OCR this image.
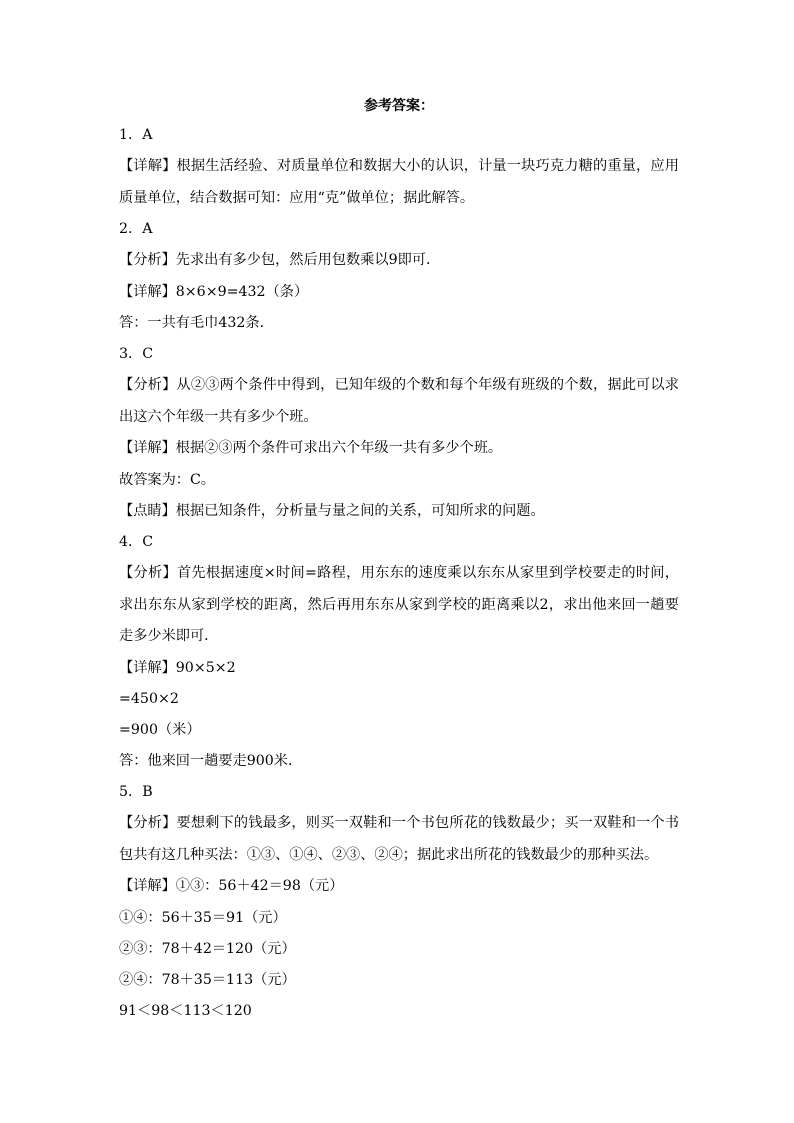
参考答案：
1．A
【详解】根据生活经验、对质量单位和数据大小的认识，计量一块巧克力糖的重量，应用质量单位，结合数据可知：应用“克”做单位；据此解答。
2．A
【分析】先求出有多少包，然后用包数乘以9即可．
【详解】8×6×9=432（条）
答：一共有毛巾432条．
3．C
【分析】从②③两个条件中得到，已知年级的个数和每个年级有班级的个数，据此可以求出这六个年级一共有多少个班。
【详解】根据②③两个条件可求出六个年级一共有多少个班。
故答案为：C。
【点睛】根据已知条件，分析量与量之间的关系，可知所求的问题。
4．C
【分析】首先根据速度×时间=路程，用东东的速度乘以东东从家里到学校要走的时间，求出东东从家到学校的距离，然后再用东东从家到学校的距离乘以2，求出他来回一趟要走多少米即可．
【详解】90×5×2
=450×2
=900（米）
答：他来回一趟要走900米．
5．B
【分析】要想剩下的钱最多，则买一双鞋和一个书包所花的钱数最少；买一双鞋和一个书包共有这几种买法：①③、①④、②③、②④；据此求出所花的钱数最少的那种买法。
【详解】①③：56＋42＝98（元）
①④：56＋35＝91（元）
②③：78＋42＝120（元）
②④：78＋35＝113（元）
91＜98＜113＜120
